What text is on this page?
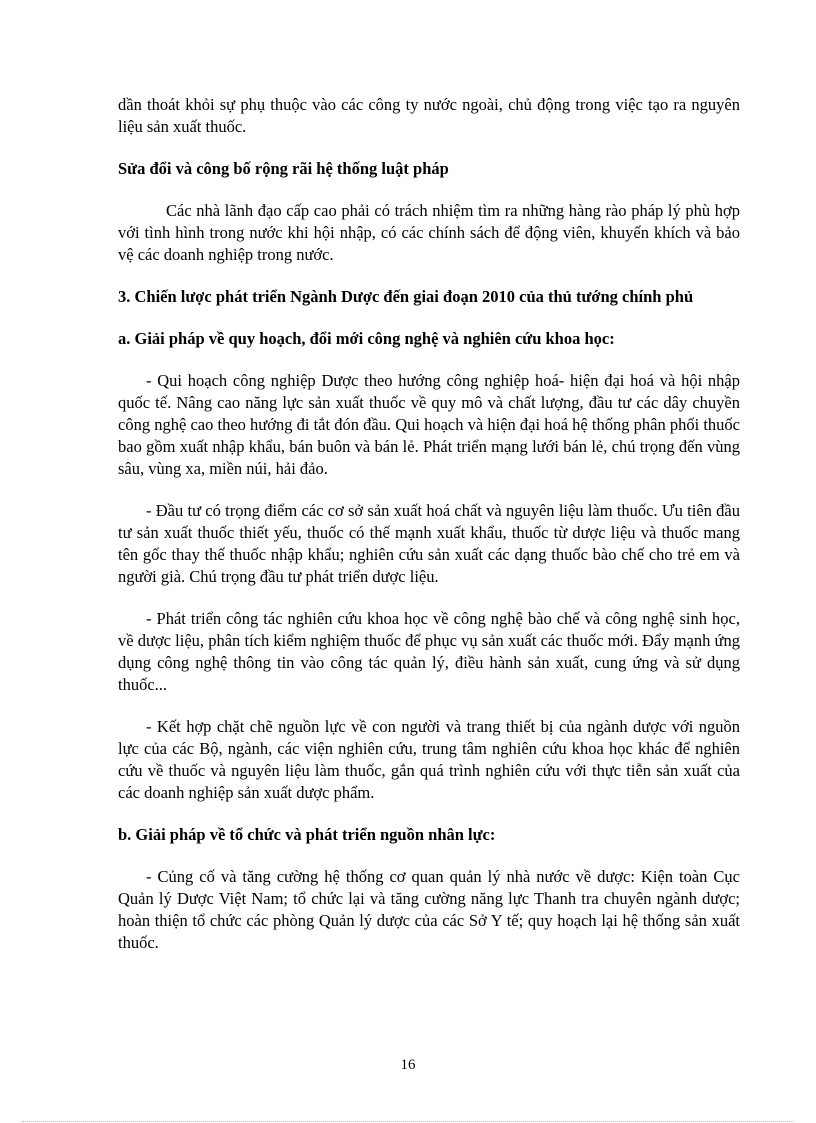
dần thoát khỏi sự phụ thuộc vào các công ty nước ngoài, chủ động trong việc tạo ra nguyên liệu sản xuất thuốc.

Sửa đổi và công bố rộng rãi hệ thống luật pháp

Các nhà lãnh đạo cấp cao phải có trách nhiệm tìm ra những hàng rào pháp lý phù hợp với tình hình trong nước khi hội nhập, có các chính sách để động viên, khuyến khích và bảo vệ các doanh nghiệp trong nước.

3. Chiến lược phát triển Ngành Dược đến giai đoạn 2010 của thủ tướng chính phủ

a. Giải pháp về quy hoạch, đổi mới công nghệ và nghiên cứu khoa học:

- Qui hoạch công nghiệp Dược theo hướng công nghiệp hoá- hiện đại hoá và hội nhập quốc tế. Nâng cao năng lực sản xuất thuốc về quy mô và chất lượng, đầu tư các dây chuyền công nghệ cao theo hướng đi tắt đón đầu. Qui hoạch và hiện đại hoá hệ thống phân phối thuốc bao gồm xuất nhập khẩu, bán buôn và bán lẻ. Phát triển mạng lưới bán lẻ, chú trọng đến vùng sâu, vùng xa, miền núi, hải đảo.

- Đầu tư có trọng điểm các cơ sở sản xuất hoá chất và nguyên liệu làm thuốc. Ưu tiên đầu tư sản xuất thuốc thiết yếu, thuốc có thế mạnh xuất khẩu, thuốc từ dược liệu và thuốc mang tên gốc thay thế thuốc nhập khẩu; nghiên cứu sản xuất các dạng thuốc bào chế cho trẻ em và người già. Chú trọng đầu tư phát triển dược liệu.

- Phát triển công tác nghiên cứu khoa học về công nghệ bào chế và công nghệ sinh học, về dược liệu, phân tích kiểm nghiệm thuốc để phục vụ sản xuất các thuốc mới. Đẩy mạnh ứng dụng công nghệ thông tin vào công tác quản lý, điều hành sản xuất, cung ứng và sử dụng thuốc...

- Kết hợp chặt chẽ nguồn lực về con người và trang thiết bị của ngành dược với nguồn lực của các Bộ, ngành, các viện nghiên cứu, trung tâm nghiên cứu khoa học khác để nghiên cứu về thuốc và nguyên liệu làm thuốc, gắn quá trình nghiên cứu với thực tiễn sản xuất của các doanh nghiệp sản xuất dược phẩm.

b. Giải pháp về tổ chức và phát triển nguồn nhân lực:

- Củng cố và tăng cường hệ thống cơ quan quản lý nhà nước về dược: Kiện toàn Cục Quản lý Dược Việt Nam; tổ chức lại và tăng cường năng lực Thanh tra chuyên ngành dược; hoàn thiện tổ chức các phòng Quản lý dược của các Sở Y tế; quy hoạch lại hệ thống sản xuất thuốc.

16
